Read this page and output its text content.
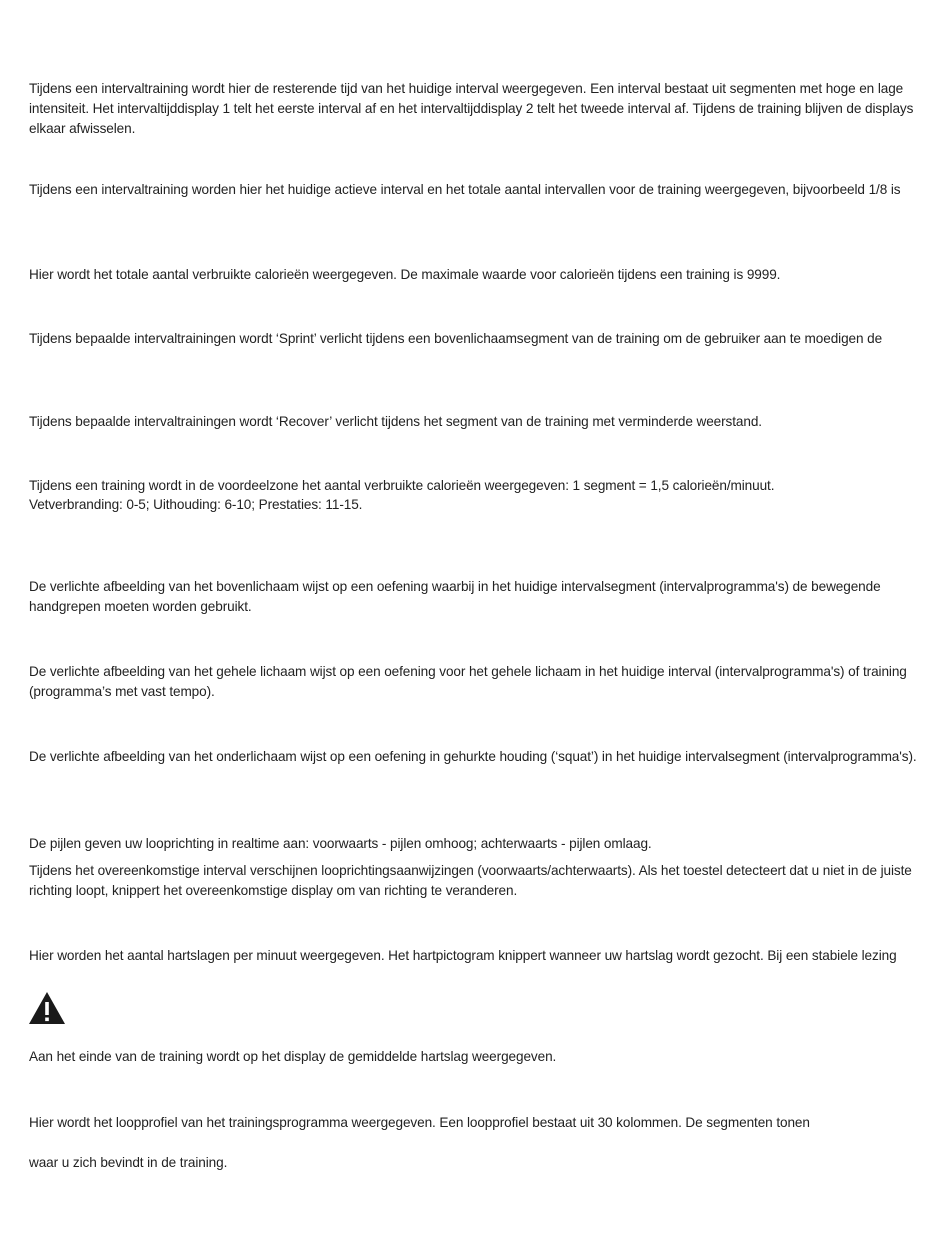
Tijdens een intervaltraining wordt hier de resterende tijd van het huidige interval weergegeven. Een interval bestaat uit segmenten met hoge en lage intensiteit. Het intervaltijddisplay 1 telt het eerste interval af en het intervaltijddisplay 2 telt het tweede interval af. Tijdens de training blijven de displays elkaar afwisselen.

Tijdens een intervaltraining worden hier het huidige actieve interval en het totale aantal intervallen voor de training weergegeven, bijvoorbeeld 1/8 is

Hier wordt het totale aantal verbruikte calorieën weergegeven. De maximale waarde voor calorieën tijdens een training is 9999.

Tijdens bepaalde intervaltrainingen wordt ‘Sprint’ verlicht tijdens een bovenlichaamsegment van de training om de gebruiker aan te moedigen de

Tijdens bepaalde intervaltrainingen wordt ‘Recover’ verlicht tijdens het segment van de training met verminderde weerstand.

Tijdens een training wordt in de voordeelzone het aantal verbruikte calorieën weergegeven: 1 segment = 1,5 calorieën/minuut.

Vetverbranding: 0-5; Uithouding: 6-10; Prestaties: 11-15.

De verlichte afbeelding van het bovenlichaam wijst op een oefening waarbij in het huidige intervalsegment (intervalprogramma's) de bewegende handgrepen moeten worden gebruikt.

De verlichte afbeelding van het gehele lichaam wijst op een oefening voor het gehele lichaam in het huidige interval (intervalprogramma's) of training (programma’s met vast tempo).

De verlichte afbeelding van het onderlichaam wijst op een oefening in gehurkte houding (‘squat’) in het huidige intervalsegment (intervalprogramma's).

De pijlen geven uw looprichting in realtime aan: voorwaarts - pijlen omhoog; achterwaarts - pijlen omlaag.

Tijdens het overeenkomstige interval verschijnen looprichtingsaanwijzingen (voorwaarts/achterwaarts). Als het toestel detecteert dat u niet in de juiste richting loopt, knippert het overeenkomstige display om van richting te veranderen.

Hier worden het aantal hartslagen per minuut weergegeven. Het hartpictogram knippert wanneer uw hartslag wordt gezocht. Bij een stabiele lezing

Aan het einde van de training wordt op het display de gemiddelde hartslag weergegeven.

Hier wordt het loopprofiel van het trainingsprogramma weergegeven. Een loopprofiel bestaat uit 30 kolommen. De segmenten tonen

waar u zich bevindt in de training.
